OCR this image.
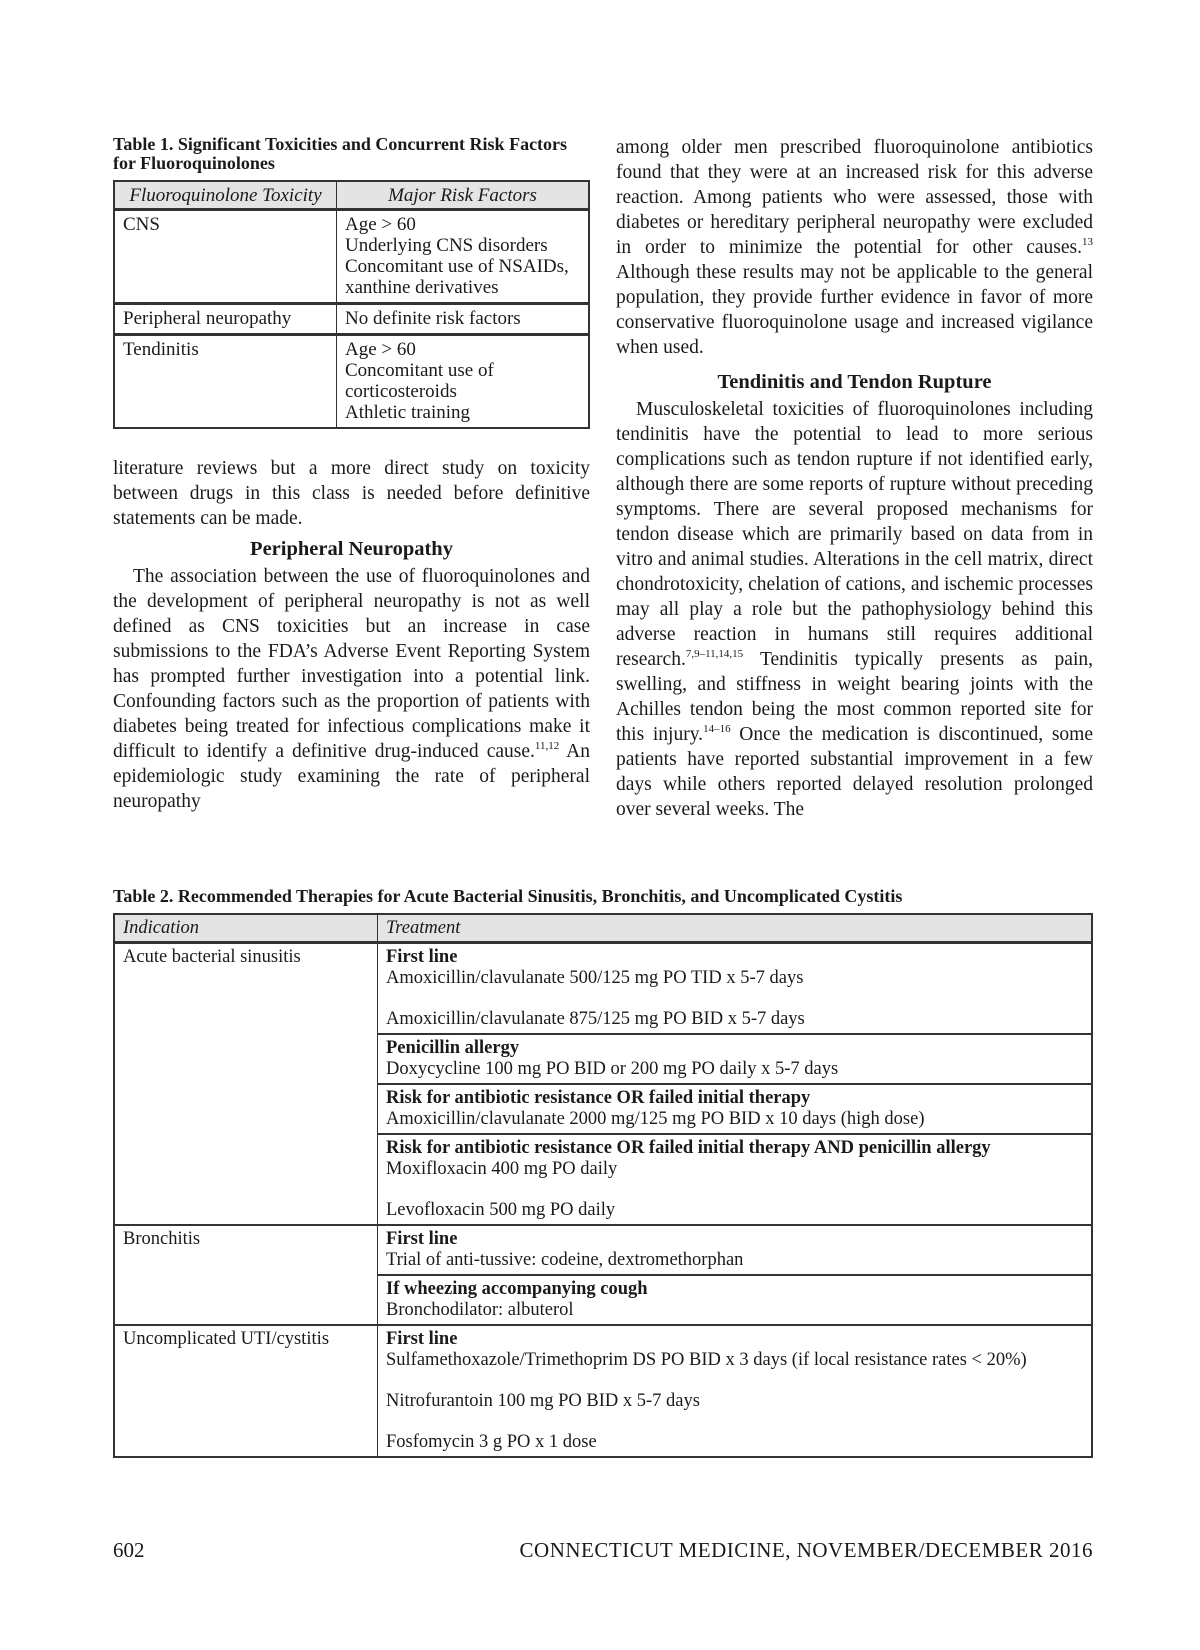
Table 1. Significant Toxicities and Concurrent Risk Factors for Fluoroquinolones

Fluoroquinolone Toxicity	Major Risk Factors
CNS	Age > 60
Underlying CNS disorders
Concomitant use of NSAIDs, xanthine derivatives

Peripheral neuropathy	No definite risk factors

Tendinitis	Age > 60
Concomitant use of corticosteroids
Athletic training

literature reviews but a more direct study on toxicity between drugs in this class is needed before definitive statements can be made.

Peripheral Neuropathy

The association between the use of fluoroquinolones and the development of peripheral neuropathy is not as well defined as CNS toxicities but an increase in case submissions to the FDA’s Adverse Event Reporting System has prompted further investigation into a potential link. Confounding factors such as the proportion of patients with diabetes being treated for infectious complications make it difficult to identify a definitive drug-induced cause.$^{11,12}$ An epidemiologic study examining the rate of peripheral neuropathy

among older men prescribed fluoroquinolone antibiotics found that they were at an increased risk for this adverse reaction. Among patients who were assessed, those with diabetes or hereditary peripheral neuropathy were excluded in order to minimize the potential for other causes.$^{13}$ Although these results may not be applicable to the general population, they provide further evidence in favor of more conservative fluoroquinolone usage and increased vigilance when used.

Tendinitis and Tendon Rupture

Musculoskeletal toxicities of fluoroquinolones including tendinitis have the potential to lead to more serious complications such as tendon rupture if not identified early, although there are some reports of rupture without preceding symptoms. There are several proposed mechanisms for tendon disease which are primarily based on data from in vitro and animal studies. Alterations in the cell matrix, direct chondrotoxicity, chelation of cations, and ischemic processes may all play a role but the pathophysiology behind this adverse reaction in humans still requires additional research.$^{7,9-11,14,15}$ Tendinitis typically presents as pain, swelling, and stiffness in weight bearing joints with the Achilles tendon being the most common reported site for this injury.$^{14-16}$ Once the medication is discontinued, some patients have reported substantial improvement in a few days while others reported delayed resolution prolonged over several weeks. The

Table 2. Recommended Therapies for Acute Bacterial Sinusitis, Bronchitis, and Uncomplicated Cystitis

Indication	Treatment
Acute bacterial sinusitis	First line
Amoxicillin/clavulanate 500/125 mg PO TID x 5-7 days
Amoxicillin/clavulanate 875/125 mg PO BID x 5-7 days

	Penicillin allergy
Doxycycline 100 mg PO BID or 200 mg PO daily x 5-7 days

	Risk for antibiotic resistance OR failed initial therapy
Amoxicillin/clavulanate 2000 mg/125 mg PO BID x 10 days (high dose)

	Risk for antibiotic resistance OR failed initial therapy AND penicillin allergy
Moxifloxacin 400 mg PO daily
Levofloxacin 500 mg PO daily

Bronchitis	First line
Trial of anti-tussive: codeine, dextromethorphan

	If wheezing accompanying cough
Bronchodilator: albuterol

Uncomplicated UTI/cystitis	First line
Sulfamethoxazole/Trimethoprim DS PO BID x 3 days (if local resistance rates < 20%)
Nitrofurantoin 100 mg PO BID x 5-7 days
Fosfomycin 3 g PO x 1 dose
602	CONNECTICUT MEDICINE, NOVEMBER/DECEMBER 2016
